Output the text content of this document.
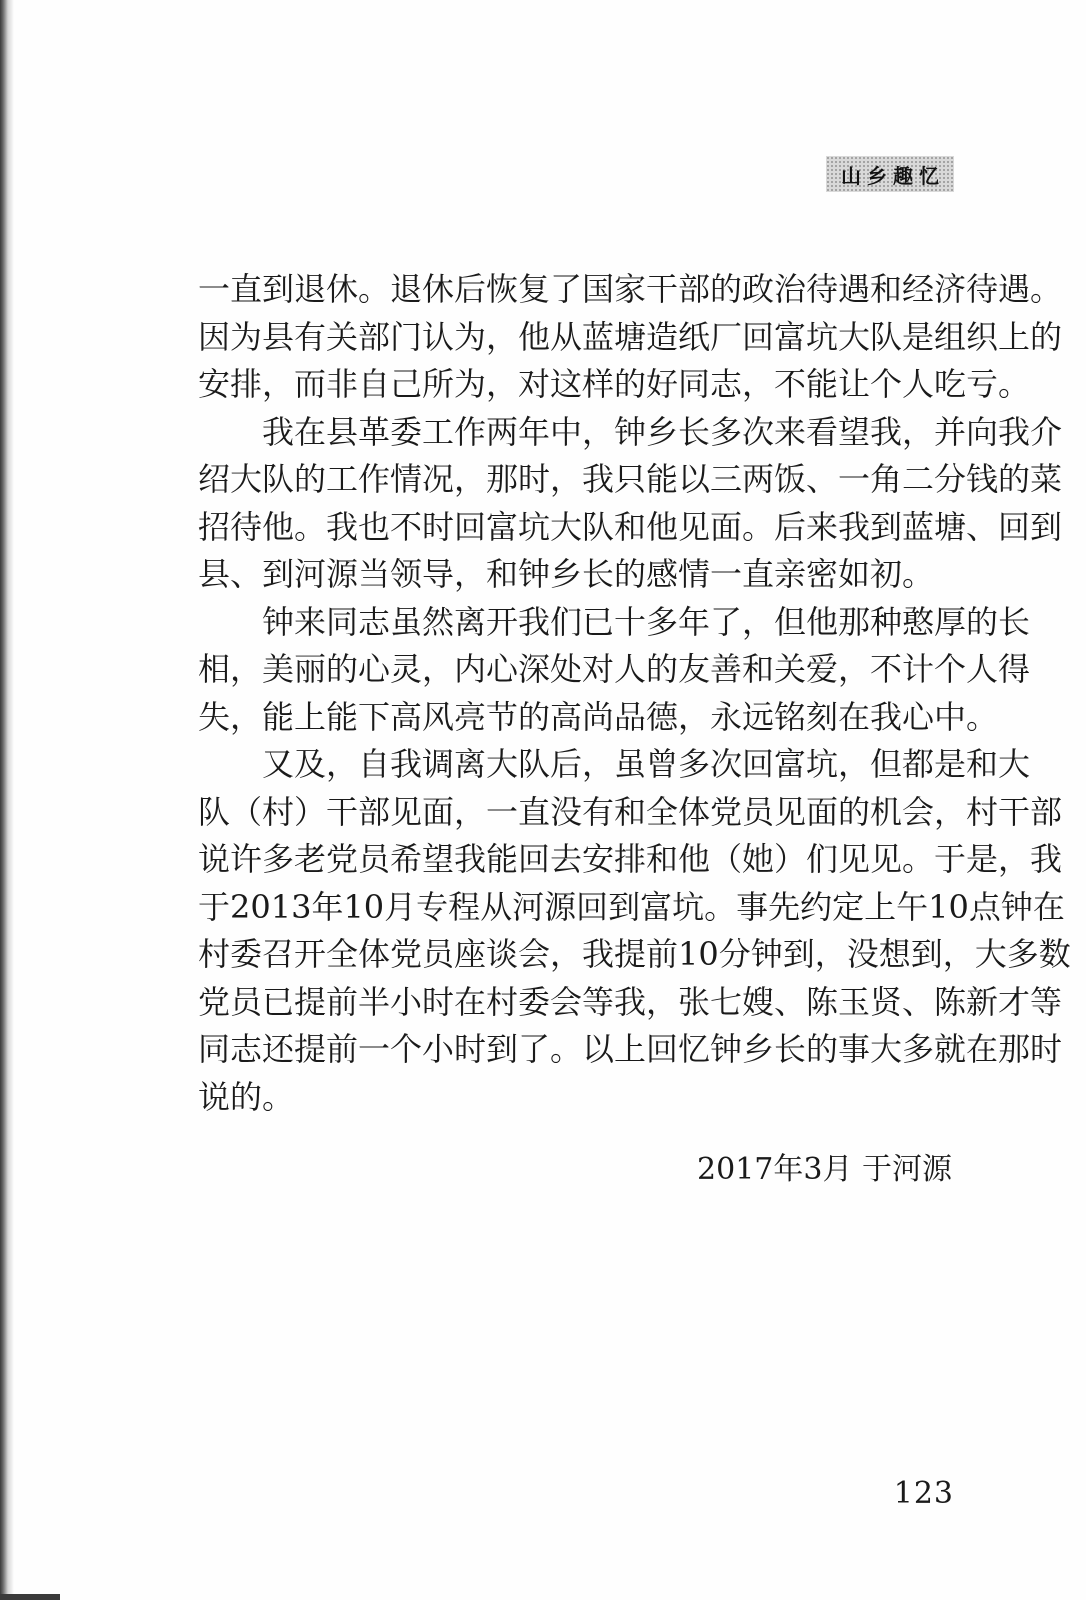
山乡趣忆

一直到退休。退休后恢复了国家干部的政治待遇和经济待遇。

因为县有关部门认为，他从蓝塘造纸厂回富坑大队是组织上的

安排，而非自己所为，对这样的好同志，不能让个人吃亏。

我在县革委工作两年中，钟乡长多次来看望我，并向我介

绍大队的工作情况，那时，我只能以三两饭、一角二分钱的菜

招待他。我也不时回富坑大队和他见面。后来我到蓝塘、回到

县、到河源当领导，和钟乡长的感情一直亲密如初。

钟来同志虽然离开我们已十多年了，但他那种憨厚的长

相，美丽的心灵，内心深处对人的友善和关爱，不计个人得

失，能上能下高风亮节的高尚品德，永远铭刻在我心中。

又及，自我调离大队后，虽曾多次回富坑，但都是和大

队（村）干部见面，一直没有和全体党员见面的机会，村干部

说许多老党员希望我能回去安排和他（她）们见见。于是，我

于2013年10月专程从河源回到富坑。事先约定上午10点钟在

村委召开全体党员座谈会，我提前10分钟到，没想到，大多数

党员已提前半小时在村委会等我，张七嫂、陈玉贤、陈新才等

同志还提前一个小时到了。以上回忆钟乡长的事大多就在那时

说的。

2017年3月 于河源
123
